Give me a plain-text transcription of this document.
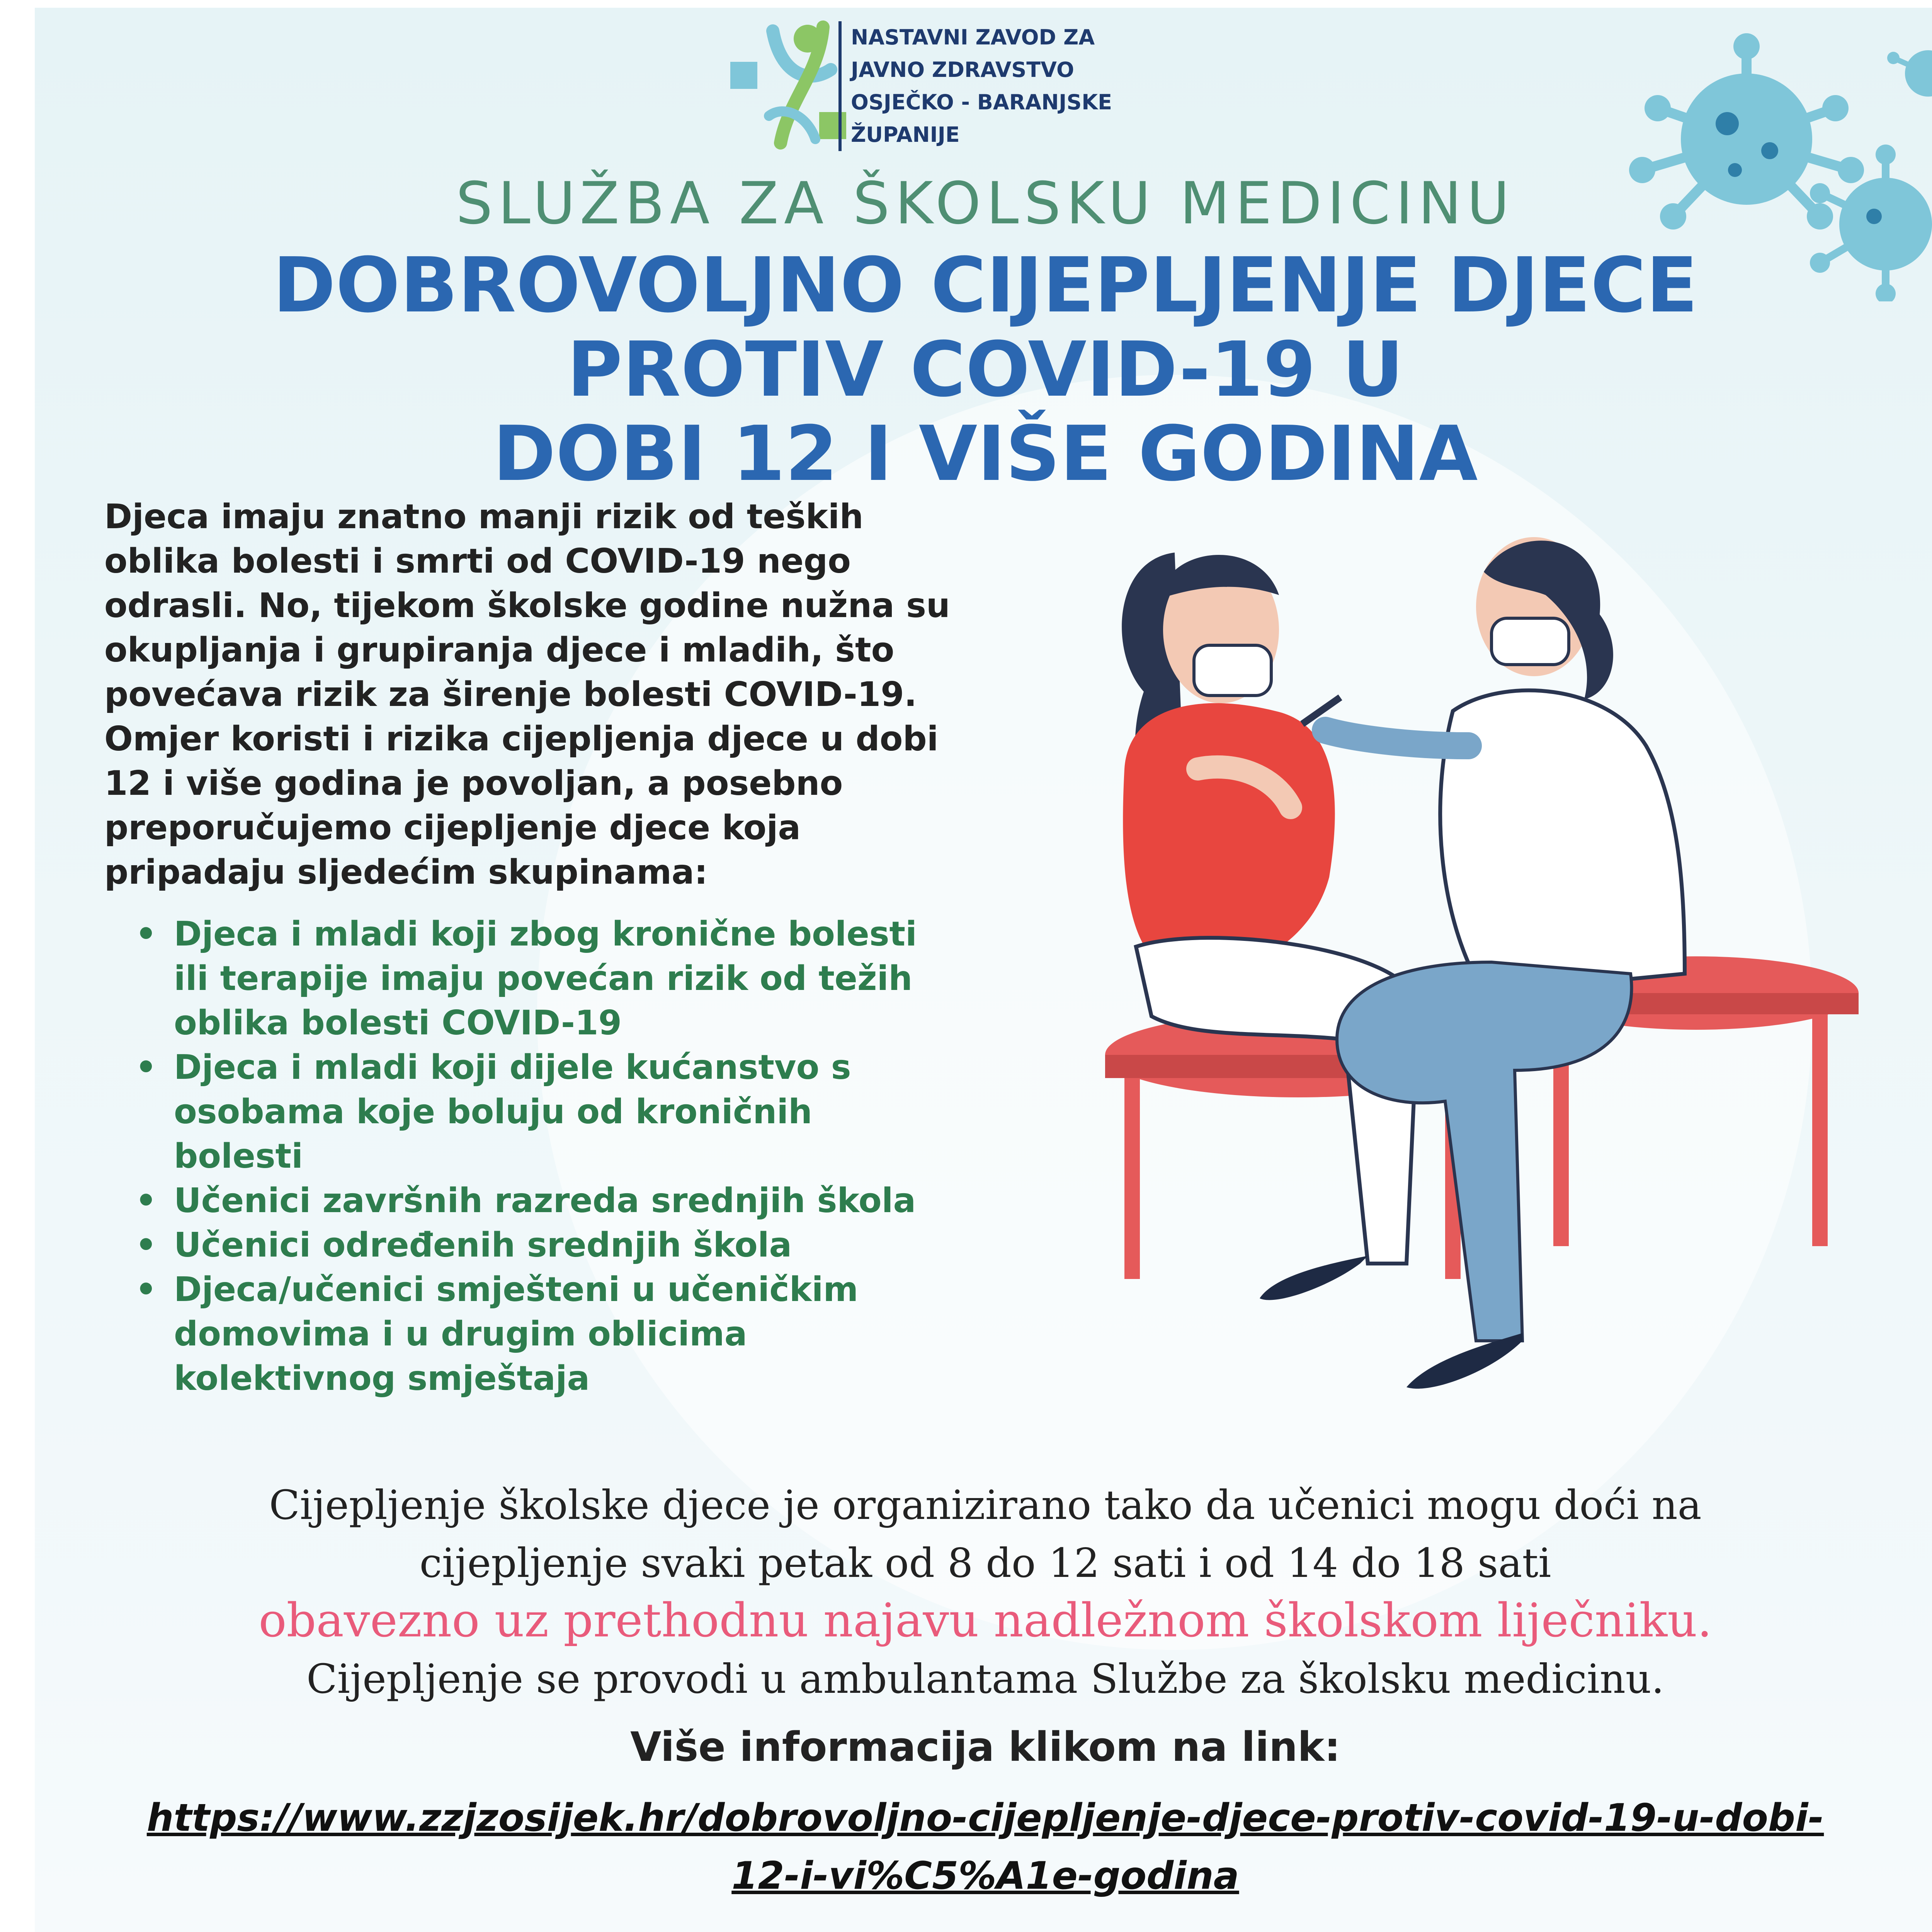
NASTAVNI ZAVOD ZA
JAVNO ZDRAVSTVO
OSJEČKO - BARANJSKE
ŽUPANIJE
SLUŽBA ZA ŠKOLSKU MEDICINU
DOBROVOLJNO CIJEPLJENJE DJECE
PROTIV COVID-19 U
DOBI 12 I VIŠE GODINA
Djeca imaju znatno manji rizik od teških
oblika bolesti i smrti od COVID-19 nego
odrasli. No, tijekom školske godine nužna su
okupljanja i grupiranja djece i mladih, što
povećava rizik za širenje bolesti COVID-19.
Omjer koristi i rizika cijepljenja djece u dobi
12 i više godina je povoljan, a posebno
preporučujemo cijepljenje djece koja
pripadaju sljedećim skupinama:
• Djeca i mladi koji zbog kronične bolesti
ili terapije imaju povećan rizik od težih
oblika bolesti COVID-19
• Djeca i mladi koji dijele kućanstvo s
osobama koje boluju od kroničnih
bolesti
• Učenici završnih razreda srednjih škola
• Učenici određenih srednjih škola
• Djeca/učenici smješteni u učeničkim
domovima i u drugim oblicima
kolektivnog smještaja
Cijepljenje školske djece je organizirano tako da učenici mogu doći na
cijepljenje svaki petak od 8 do 12 sati i od 14 do 18 sati
obavezno uz prethodnu najavu nadležnom školskom liječniku.
Cijepljenje se provodi u ambulantama Službe za školsku medicinu.
Više informacija klikom na link:
https://www.zzjzosijek.hr/dobrovoljno-cijepljenje-djece-protiv-covid-19-u-dobi-
12-i-vi%C5%A1e-godina
